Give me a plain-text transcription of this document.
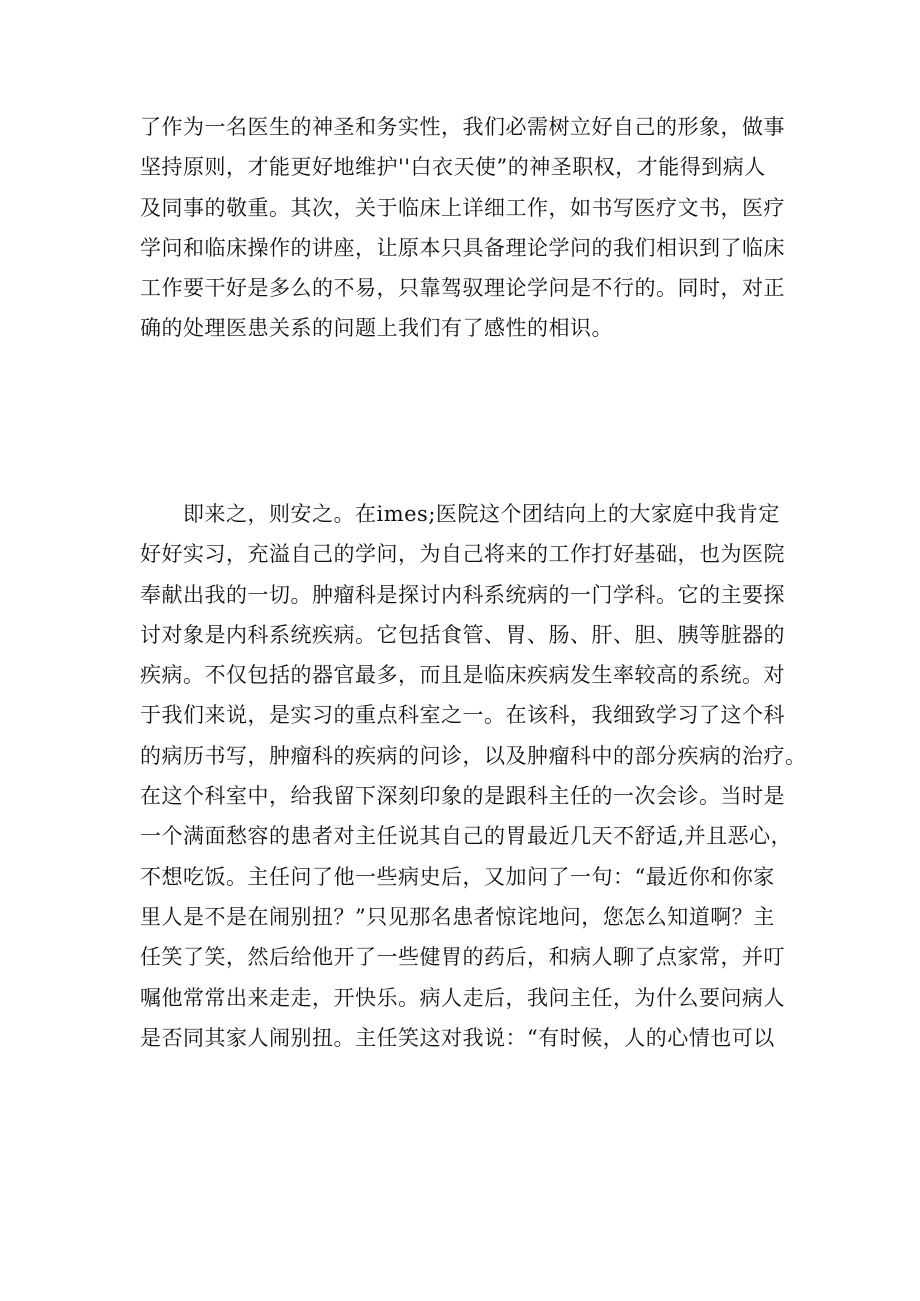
了作为一名医生的神圣和务实性，我们必需树立好自己的形象，做事
坚持原则，才能更好地维护''白衣天使”的神圣职权，才能得到病人
及同事的敬重。其次，关于临床上详细工作，如书写医疗文书，医疗
学问和临床操作的讲座，让原本只具备理论学问的我们相识到了临床
工作要干好是多么的不易，只靠驾驭理论学问是不行的。同时，对正
确的处理医患关系的问题上我们有了感性的相识。
　　即来之，则安之。在imes;医院这个团结向上的大家庭中我肯定
好好实习，充溢自己的学问，为自己将来的工作打好基础，也为医院
奉献出我的一切。肿瘤科是探讨内科系统病的一门学科。它的主要探
讨对象是内科系统疾病。它包括食管、胃、肠、肝、胆、胰等脏器的
疾病。不仅包括的器官最多，而且是临床疾病发生率较高的系统。对
于我们来说，是实习的重点科室之一。在该科，我细致学习了这个科
的病历书写，肿瘤科的疾病的问诊，以及肿瘤科中的部分疾病的治疗。
在这个科室中，给我留下深刻印象的是跟科主任的一次会诊。当时是
一个满面愁容的患者对主任说其自己的胃最近几天不舒适,并且恶心，
不想吃饭。主任问了他一些病史后，又加问了一句：“最近你和你家
里人是不是在闹别扭？”只见那名患者惊诧地问，您怎么知道啊？主
任笑了笑，然后给他开了一些健胃的药后，和病人聊了点家常，并叮
嘱他常常出来走走，开快乐。病人走后，我问主任，为什么要问病人
是否同其家人闹别扭。主任笑这对我说：“有时候，人的心情也可以
